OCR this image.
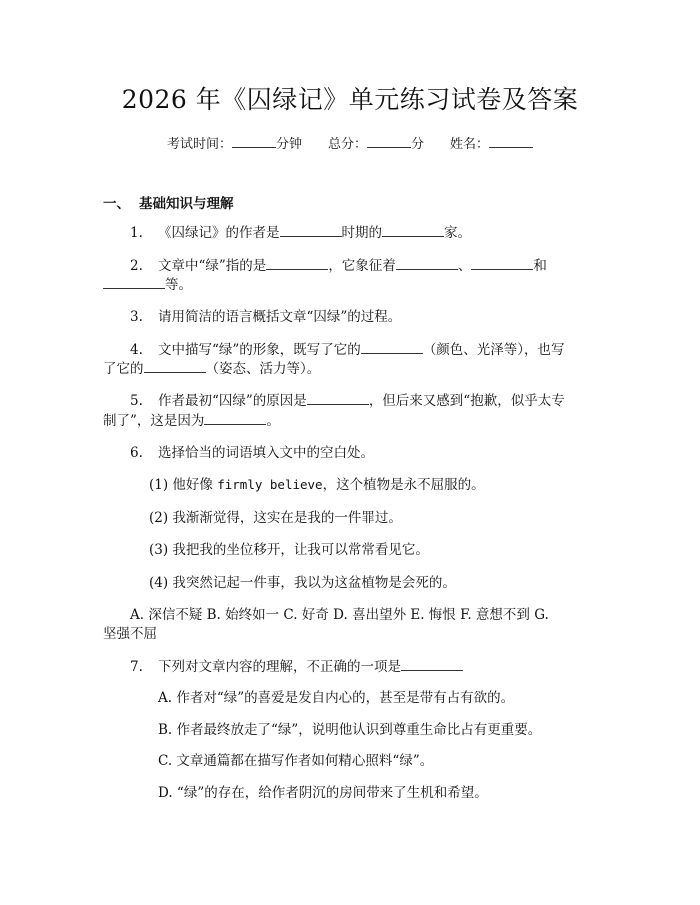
2026 年《囚绿记》单元练习试卷及答案
考试时间：	分钟 总分：	分 姓名：
一、 基础知识与理解
1. 《囚绿记》的作者是	时期的	家。
2. 文章中“绿”指的是	，它象征着	、	和
等。
3. 请用简洁的语言概括文章“囚绿”的过程。
4. 文中描写“绿”的形象，既写了它的	（颜色、光泽等），也写
了它的	（姿态、活力等）。
5. 作者最初“囚绿”的原因是	，但后来又感到“抱歉，似乎太专
制了”，这是因为	。
6. 选择恰当的词语填入文中的空白处。
(1) 他好像 firmly believe，这个植物是永不屈服的。
(2) 我渐渐觉得，这实在是我的一件罪过。
(3) 我把我的坐位移开，让我可以常常看见它。
(4) 我突然记起一件事，我以为这盆植物是会死的。
A. 深信不疑 B. 始终如一 C. 好奇 D. 喜出望外 E. 悔恨 F. 意想不到 G.
坚强不屈
7. 下列对文章内容的理解，不正确的一项是
A. 作者对“绿”的喜爱是发自内心的，甚至是带有占有欲的。
B. 作者最终放走了“绿”，说明他认识到尊重生命比占有更重要。
C. 文章通篇都在描写作者如何精心照料“绿”。
D. “绿”的存在，给作者阴沉的房间带来了生机和希望。
